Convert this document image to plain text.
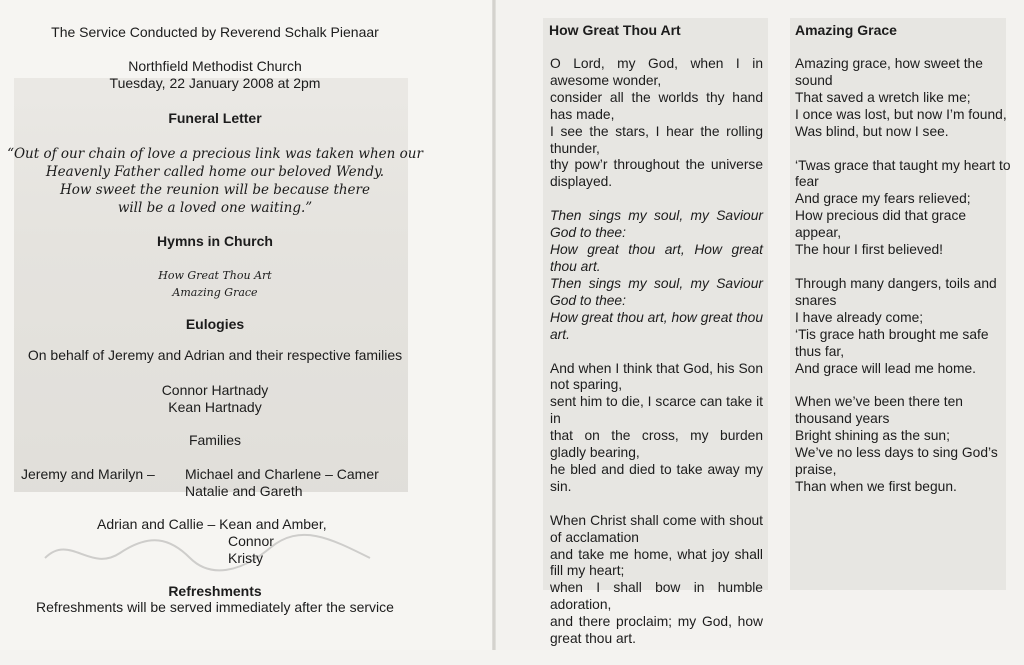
The Service Conducted by Reverend Schalk Pienaar
Northfield Methodist Church
Tuesday, 22 January 2008 at 2pm
Funeral Letter
“Out of our chain of love a precious link was taken when our
Heavenly Father called home our beloved Wendy.
How sweet the reunion will be because there
will be a loved one waiting.”
Hymns in Church
How Great Thou Art
Amazing Grace
Eulogies
On behalf of Jeremy and Adrian and their respective families
Connor Hartnady
Kean Hartnady
Families
Jeremy and Marilyn – Michael and Charlene – Camer
Natalie and Gareth
Adrian and Callie – Kean and Amber,
Connor
Kristy
Refreshments
Refreshments will be served immediately after the service
How Great Thou Art

O Lord, my God, when I in awesome wonder,
consider all the worlds thy hand has made,
I see the stars, I hear the rolling thunder,
thy pow’r throughout the universe displayed.

Then sings my soul, my Saviour God to thee:
How great thou art, How great thou art.
Then sings my soul, my Saviour God to thee:
How great thou art, how great thou art.

And when I think that God, his Son not sparing,
sent him to die, I scarce can take it in
that on the cross, my burden gladly bearing,
he bled and died to take away my sin.

When Christ shall come with shout of acclamation
and take me home, what joy shall fill my heart;
when I shall bow in humble adoration,
and there proclaim; my God, how great thou art.

Amazing Grace

Amazing grace, how sweet the sound
That saved a wretch like me;
I once was lost, but now I’m found,
Was blind, but now I see.

‘Twas grace that taught my heart to fear
And grace my fears relieved;
How precious did that grace appear,
The hour I first believed!

Through many dangers, toils and snares
I have already come;
‘Tis grace hath brought me safe thus far,
And grace will lead me home.

When we’ve been there ten thousand years
Bright shining as the sun;
We’ve no less days to sing God’s praise,
Than when we first begun.
